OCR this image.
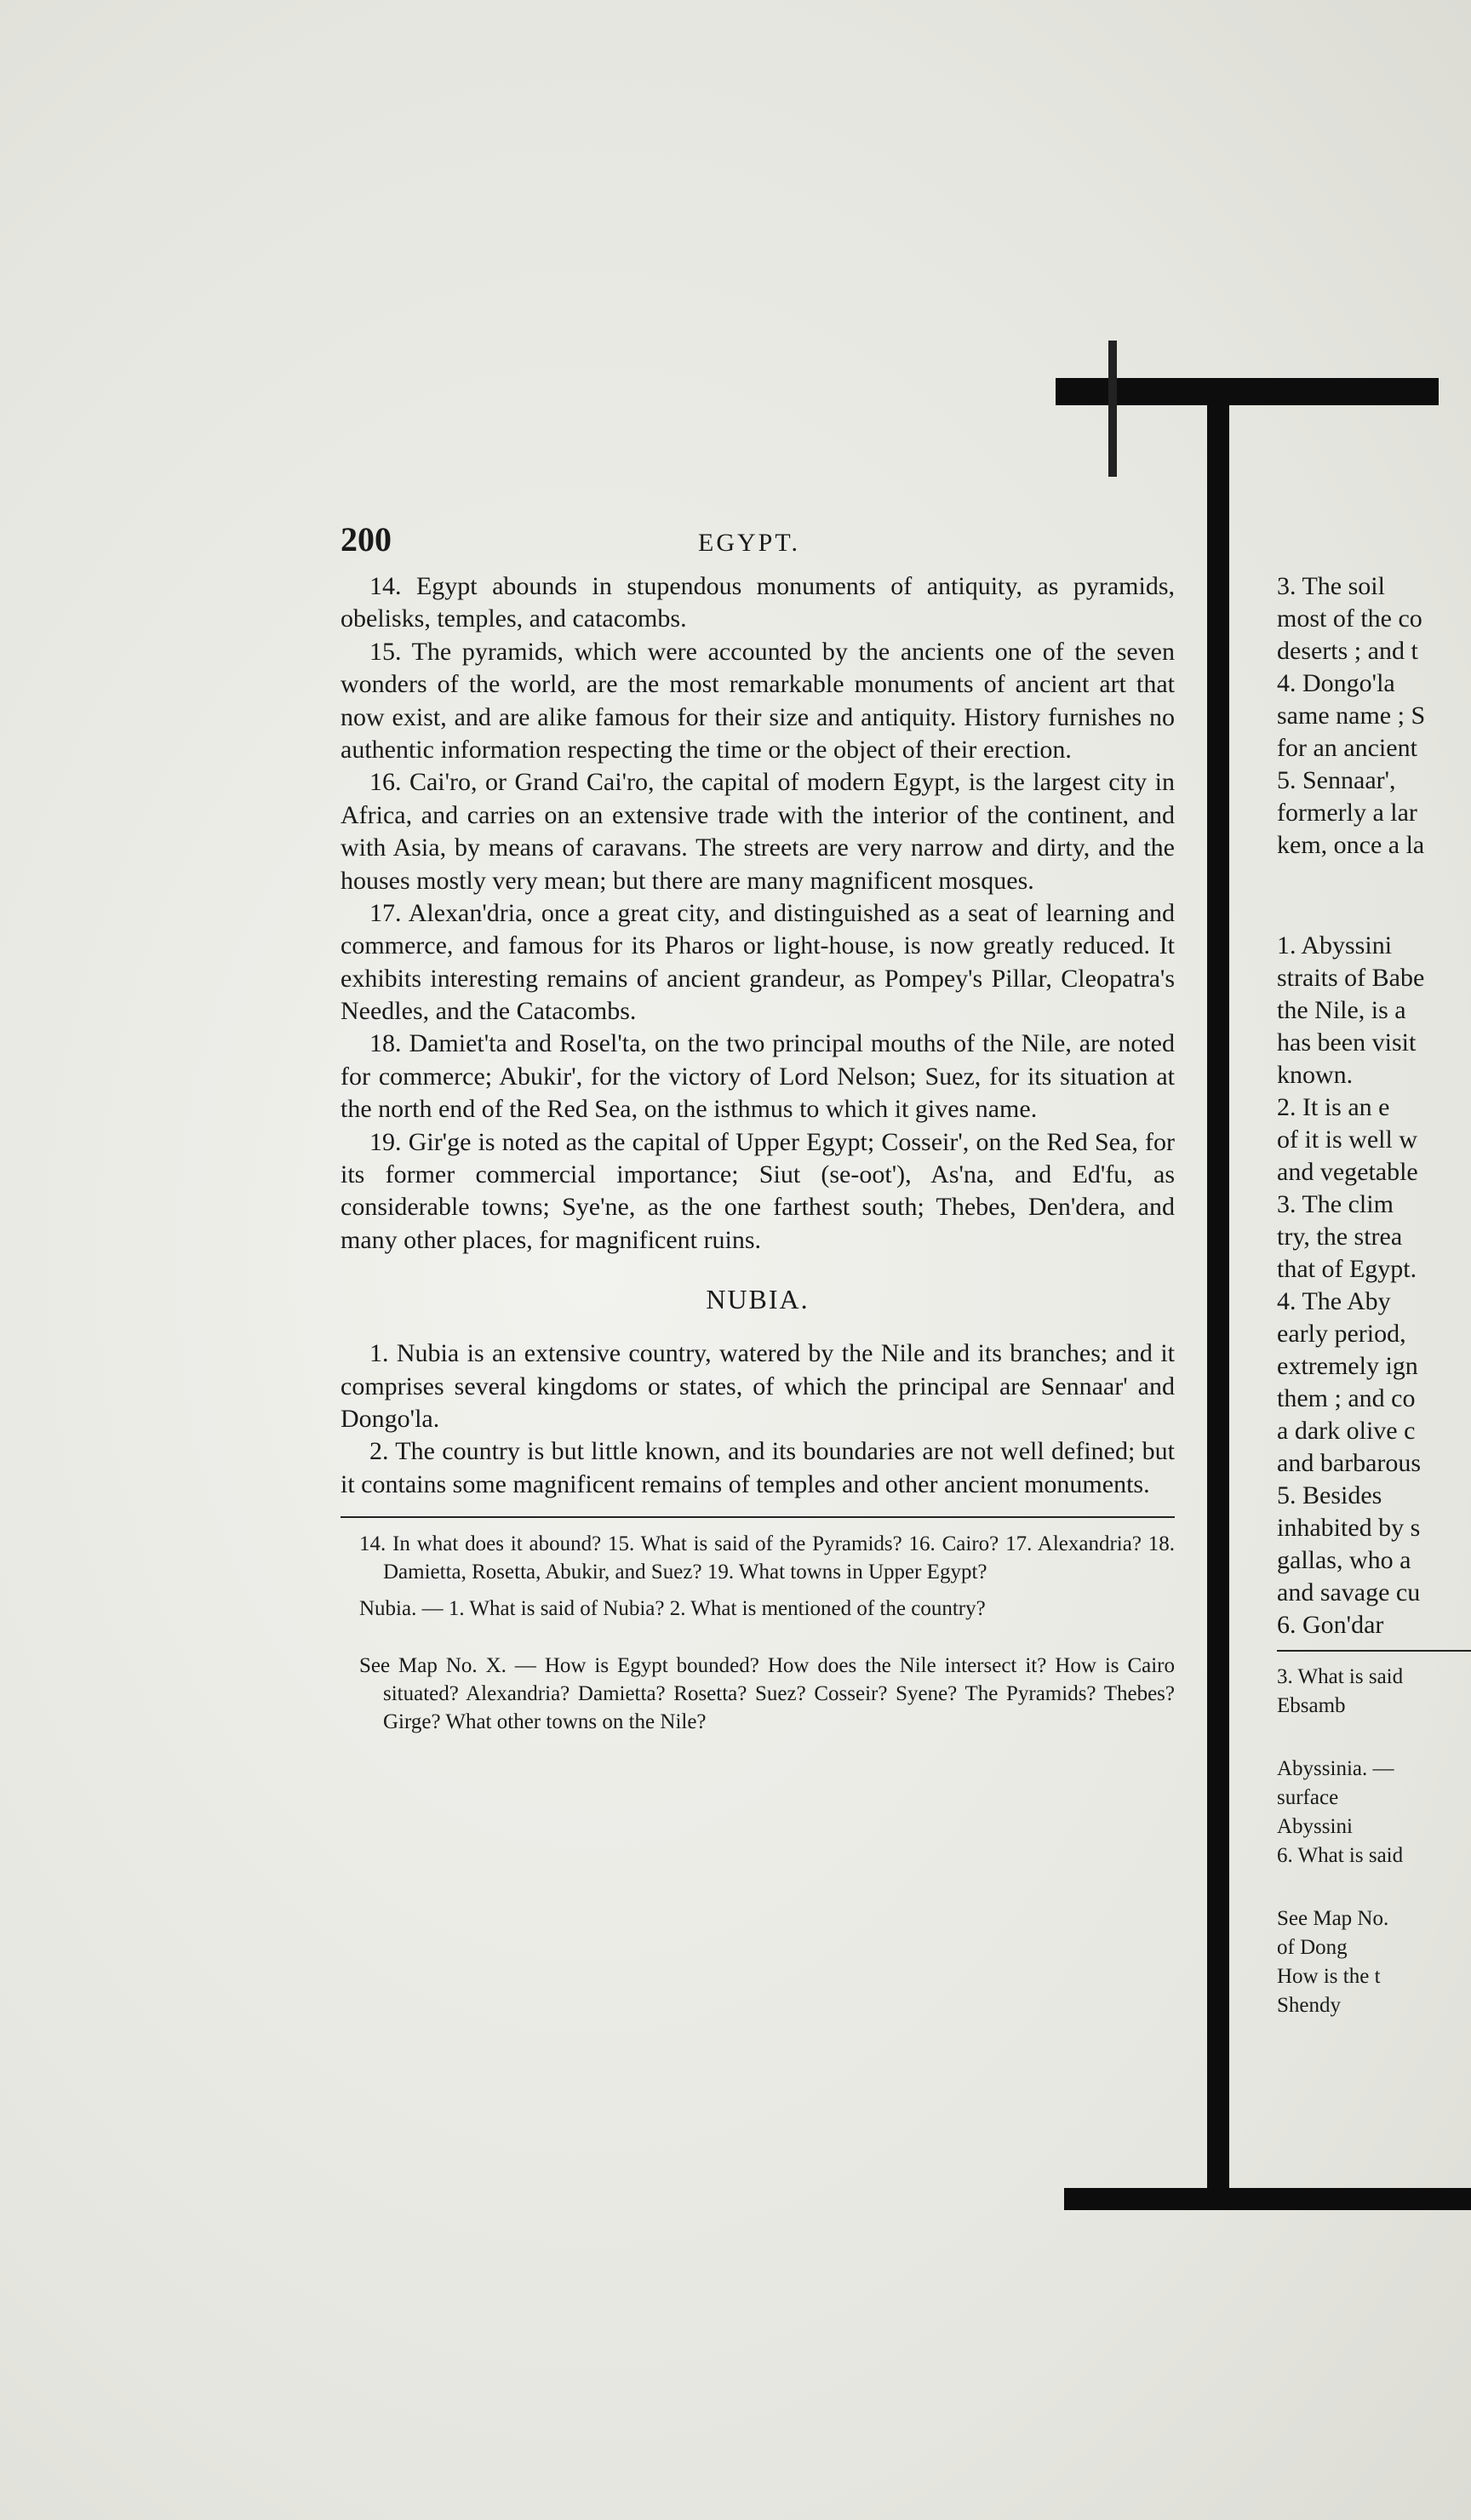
200	EGYPT.

14. Egypt abounds in stupendous monuments of antiquity, as pyramids, obelisks, temples, and catacombs.

15. The pyramids, which were accounted by the ancients one of the seven wonders of the world, are the most remarkable monuments of ancient art that now exist, and are alike famous for their size and antiquity. History furnishes no authentic information respecting the time or the object of their erection.

16. Cai'ro, or Grand Cai'ro, the capital of modern Egypt, is the largest city in Africa, and carries on an extensive trade with the interior of the continent, and with Asia, by means of caravans. The streets are very narrow and dirty, and the houses mostly very mean; but there are many magnificent mosques.

17. Alexan'dria, once a great city, and distinguished as a seat of learning and commerce, and famous for its Pharos or light-house, is now greatly reduced. It exhibits interesting remains of ancient grandeur, as Pompey's Pillar, Cleopatra's Needles, and the Catacombs.

18. Damiet'ta and Rosel'ta, on the two principal mouths of the Nile, are noted for commerce; Abukir', for the victory of Lord Nelson; Suez, for its situation at the north end of the Red Sea, on the isthmus to which it gives name.

19. Gir'ge is noted as the capital of Upper Egypt; Cosseir', on the Red Sea, for its former commercial importance; Siut (se-oot'), As'na, and Ed'fu, as considerable towns; Sye'ne, as the one farthest south; Thebes, Den'dera, and many other places, for magnificent ruins.

NUBIA.

1. Nubia is an extensive country, watered by the Nile and its branches; and it comprises several kingdoms or states, of which the principal are Sennaar' and Dongo'la.

2. The country is but little known, and its boundaries are not well defined; but it contains some magnificent remains of temples and other ancient monuments.

14. In what does it abound? 15. What is said of the Pyramids? 16. Cairo? 17. Alexandria? 18. Damietta, Rosetta, Abukir, and Suez? 19. What towns in Upper Egypt?

Nubia. — 1. What is said of Nubia? 2. What is mentioned of the country?

See Map No. X. — How is Egypt bounded? How does the Nile intersect it? How is Cairo situated? Alexandria? Damietta? Rosetta? Suez? Cosseir? Syene? The Pyramids? Thebes? Girge? What other towns on the Nile?

3. The soil
most of the co
deserts ; and t
4. Dongo'la
same name ; S
for an ancient
5. Sennaar',
formerly a lar
kem, once a la
1. Abyssini
straits of Babe
the Nile, is a
has been visit
known.
2. It is an e
of it is well w
and vegetable
3. The clim
try, the strea
that of Egypt.
4. The Aby
early period,
extremely ign
them ; and co
a dark olive c
and barbarous
5. Besides
inhabited by s
gallas, who a
and savage cu
6. Gon'dar
3. What is said
Ebsamb
Abyssinia. —
surface
Abyssini
6. What is said
See Map No.
of Dong
How is the t
Shendy
